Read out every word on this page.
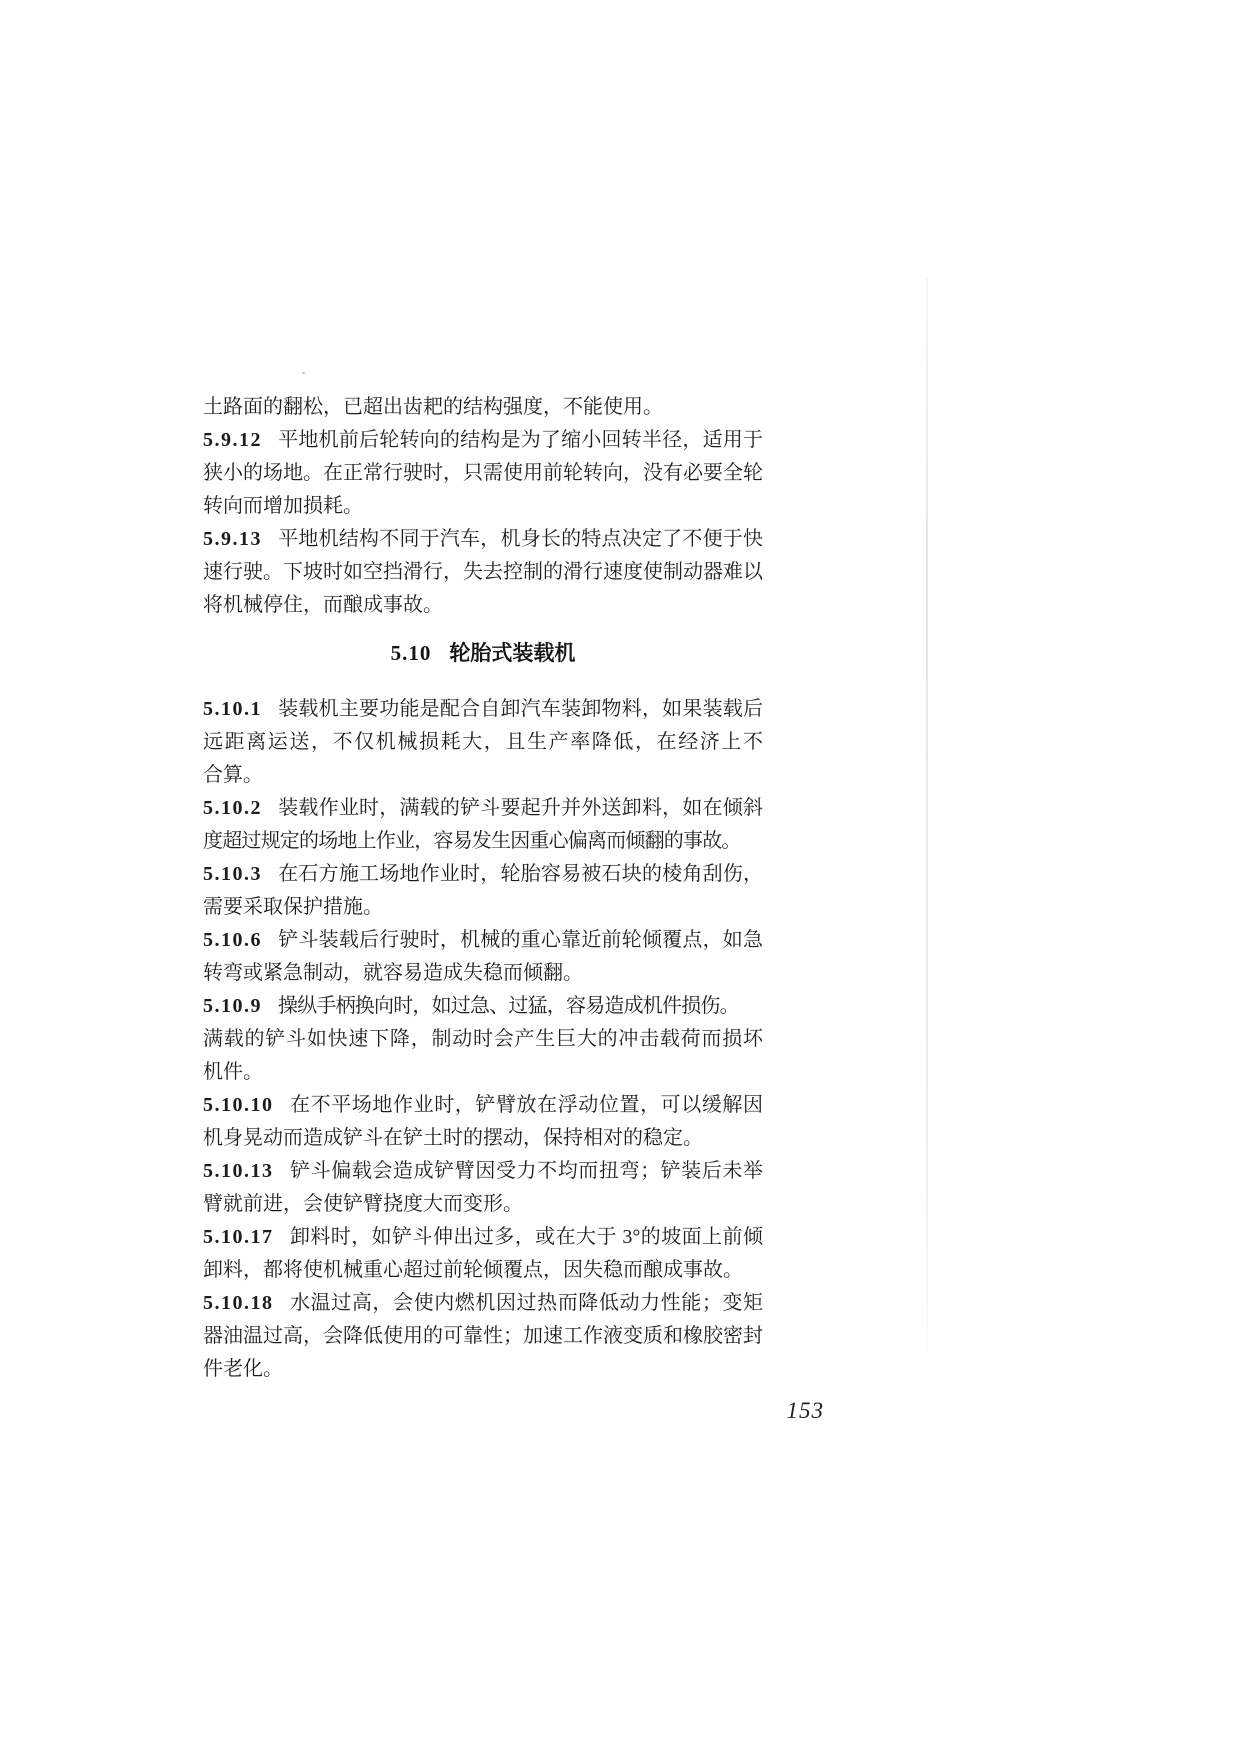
土路面的翻松，已超出齿耙的结构强度，不能使用。
5.9.12 平地机前后轮转向的结构是为了缩小回转半径，适用于
狭小的场地。在正常行驶时，只需使用前轮转向，没有必要全轮
转向而增加损耗。
5.9.13 平地机结构不同于汽车，机身长的特点决定了不便于快
速行驶。下坡时如空挡滑行，失去控制的滑行速度使制动器难以
将机械停住，而酿成事故。
5.10 轮胎式装载机
5.10.1 装载机主要功能是配合自卸汽车装卸物料，如果装载后
远距离运送，不仅机械损耗大，且生产率降低，在经济上不
合算。
5.10.2 装载作业时，满载的铲斗要起升并外送卸料，如在倾斜
度超过规定的场地上作业，容易发生因重心偏离而倾翻的事故。
5.10.3 在石方施工场地作业时，轮胎容易被石块的棱角刮伤，
需要采取保护措施。
5.10.6 铲斗装载后行驶时，机械的重心靠近前轮倾覆点，如急
转弯或紧急制动，就容易造成失稳而倾翻。
5.10.9 操纵手柄换向时，如过急、过猛，容易造成机件损伤。
满载的铲斗如快速下降，制动时会产生巨大的冲击载荷而损坏
机件。
5.10.10 在不平场地作业时，铲臂放在浮动位置，可以缓解因
机身晃动而造成铲斗在铲土时的摆动，保持相对的稳定。
5.10.13 铲斗偏载会造成铲臂因受力不均而扭弯；铲装后未举
臂就前进，会使铲臂挠度大而变形。
5.10.17 卸料时，如铲斗伸出过多，或在大于 3°的坡面上前倾
卸料，都将使机械重心超过前轮倾覆点，因失稳而酿成事故。
5.10.18 水温过高，会使内燃机因过热而降低动力性能；变矩
器油温过高，会降低使用的可靠性；加速工作液变质和橡胶密封
件老化。
153
